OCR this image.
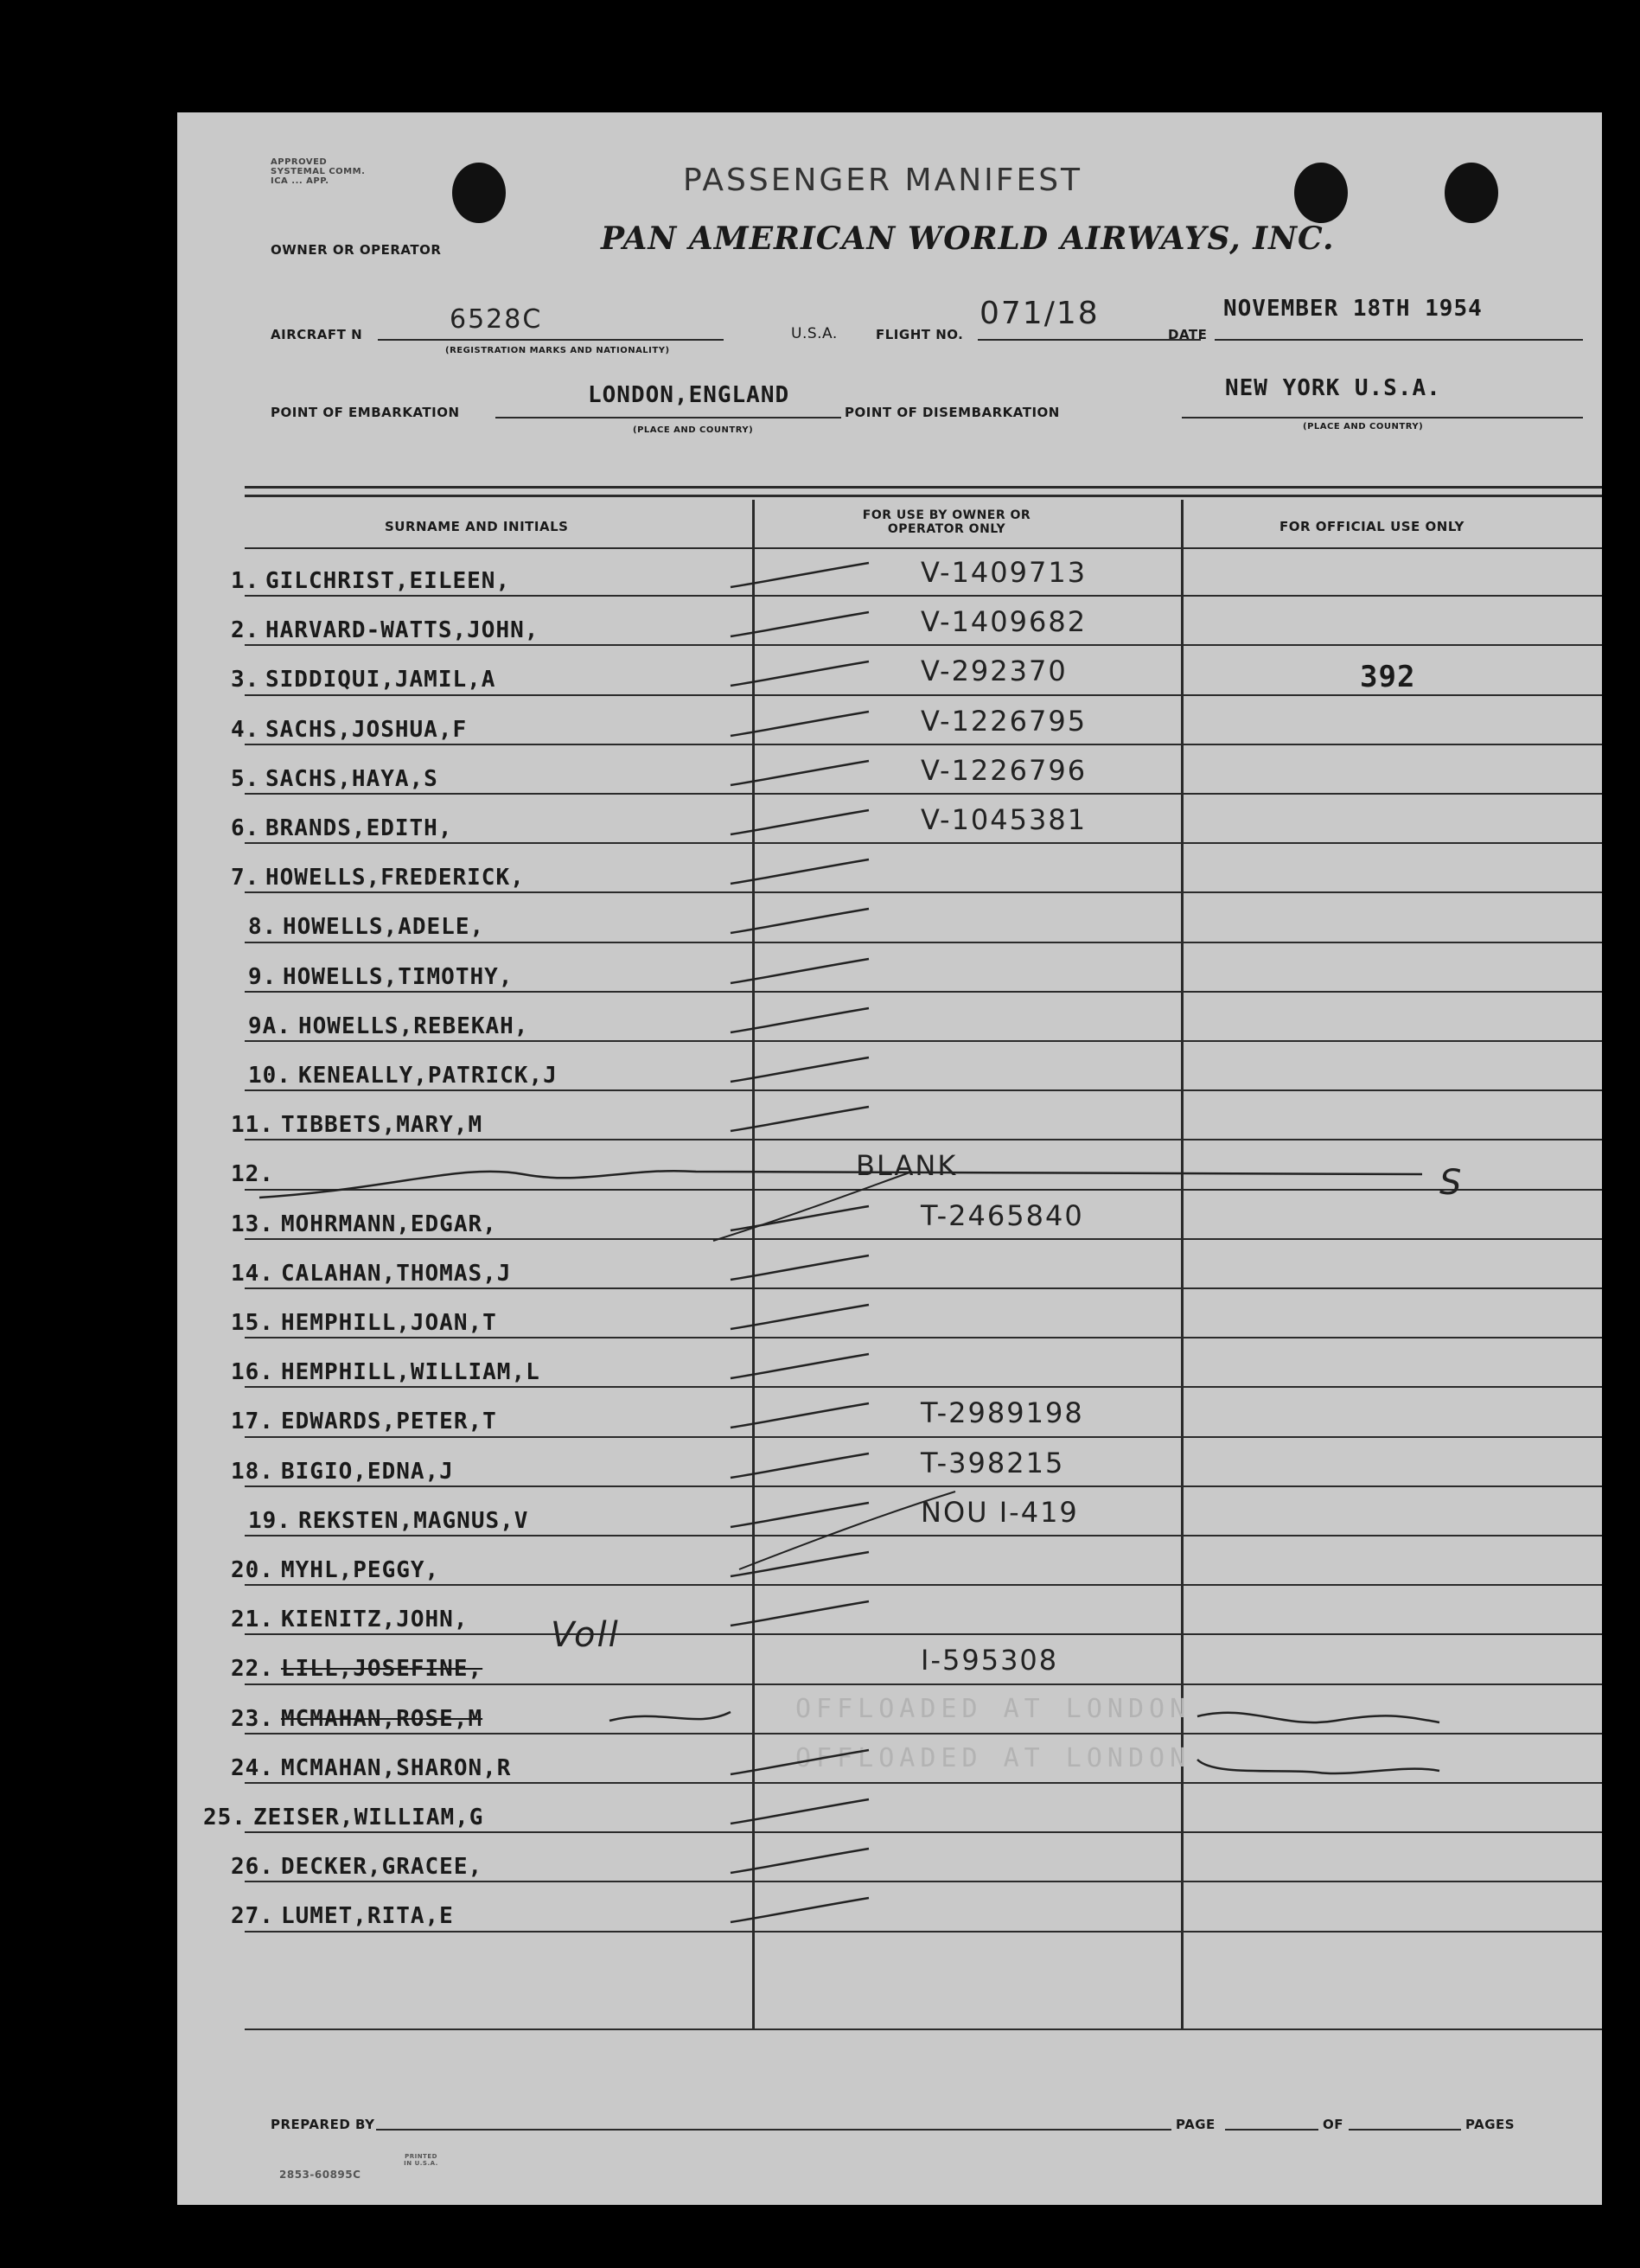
APPROVED SYSTEMAL COMM. ICA ... APP.
OWNER OR OPERATOR
PASSENGER MANIFEST
PAN AMERICAN WORLD AIRWAYS, INC.
AIRCRAFT N	6528C
(REGISTRATION MARKS AND NATIONALITY)
U.S.A.	FLIGHT NO.
071/18
DATE
NOVEMBER 18TH 1954
POINT OF EMBARKATION
LONDON,ENGLAND
(PLACE AND COUNTRY)
POINT OF DISEMBARKATION
NEW YORK U.S.A.
(PLACE AND COUNTRY)
SURNAME AND INITIALS
FOR USE BY OWNER OR OPERATOR ONLY	FOR OFFICIAL USE ONLY
1. GILCHRIST,EILEEN,	V-1409713
2. HARVARD-WATTS,JOHN,	V-1409682
3. SIDDIQUI,JAMIL,A	V-292370	392
4. SACHS,JOSHUA,F	V-1226795
5. SACHS,HAYA,S	V-1226796
6. BRANDS,EDITH,	V-1045381
7. HOWELLS,FREDERICK,
8. HOWELLS,ADELE,
9. HOWELLS,TIMOTHY,
9A. HOWELLS,REBEKAH,
10. KENEALLY,PATRICK,J
11. TIBBETS,MARY,M
12.	BLANK
13. MOHRMANN,EDGAR,	T-2465840
14. CALAHAN,THOMAS,J
15. HEMPHILL,JOAN,T
16. HEMPHILL,WILLIAM,L
17. EDWARDS,PETER,T	T-2989198
18. BIGIO,EDNA,J	T-398215
19. REKSTEN,MAGNUS,V	NOU I-419
20. MYHL,PEGGY,
21. KIENITZ,JOHN,
22. LILL,JOSEFINE,	I-595308
23. MCMAHAN,ROSE,M	OFFLOADED AT LONDON
24. MCMAHAN,SHARON,R	OFFLOADED AT LONDON
25. ZEISER,WILLIAM,G
26. DECKER,GRACEE,
27. LUMET,RITA,E
Voll
S
PREPARED BY	PAGE	OF	PAGES
2853-60895C
PRINTED IN U.S.A.
